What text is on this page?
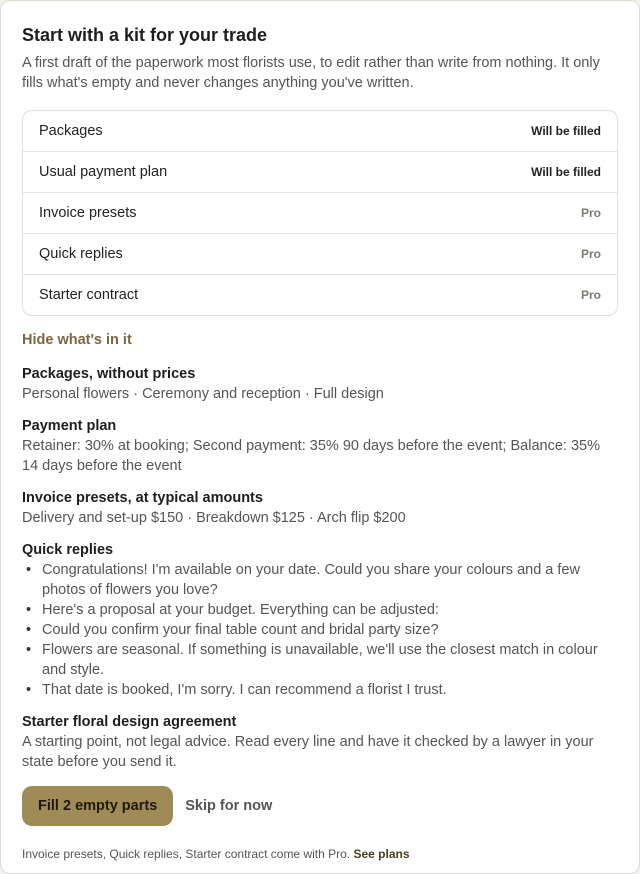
Start with a kit for your trade

A first draft of the paperwork most florists use, to edit rather than write from nothing. It only fills what's empty and never changes anything you've written.

Packages	Will be filled
Usual payment plan	Will be filled
Invoice presets	Pro
Quick replies	Pro
Starter contract	Pro
Hide what's in it
Packages, without prices

Personal flowers · Ceremony and reception · Full design

Payment plan

Retainer: 30% at booking; Second payment: 35% 90 days before the event; Balance: 35% 14 days before the event

Invoice presets, at typical amounts

Delivery and set-up $150 · Breakdown $125 · Arch flip $200

Quick replies
• Congratulations! I'm available on your date. Could you share your colours and a few photos of flowers you love?
• Here's a proposal at your budget. Everything can be adjusted:
• Could you confirm your final table count and bridal party size?
• Flowers are seasonal. If something is unavailable, we'll use the closest match in colour and style.
• That date is booked, I'm sorry. I can recommend a florist I trust.
Starter floral design agreement

A starting point, not legal advice. Read every line and have it checked by a lawyer in your state before you send it.

Fill 2 empty parts	Skip for now

Invoice presets, Quick replies, Starter contract come with Pro. See plans
